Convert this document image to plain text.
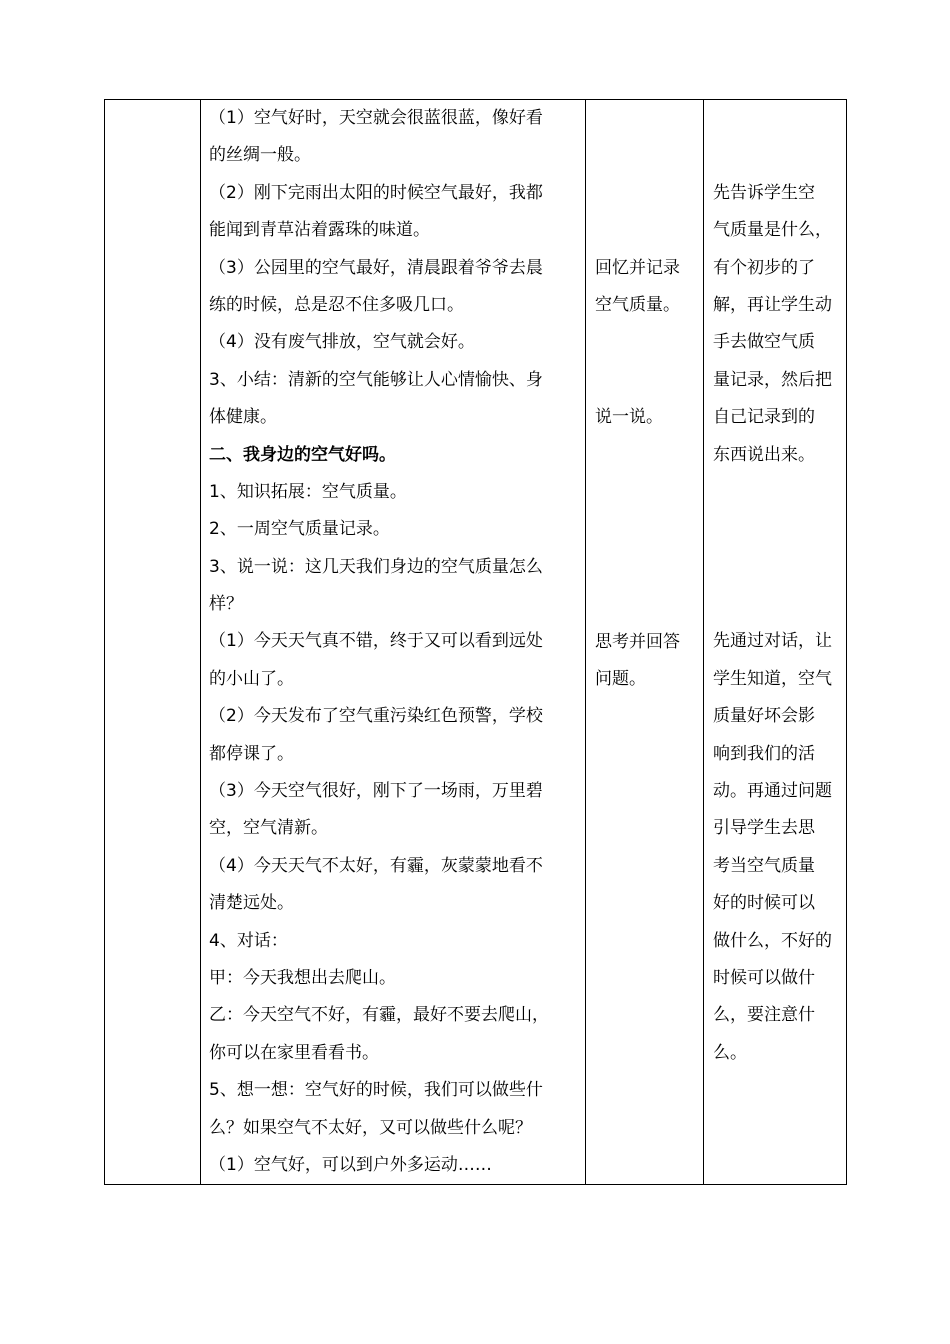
（1）空气好时，天空就会很蓝很蓝，像好看
的丝绸一般。
（2）刚下完雨出太阳的时候空气最好，我都
能闻到青草沾着露珠的味道。
（3）公园里的空气最好，清晨跟着爷爷去晨
练的时候，总是忍不住多吸几口。
（4）没有废气排放，空气就会好。
3、小结：清新的空气能够让人心情愉快、身
体健康。
二、我身边的空气好吗。
1、知识拓展：空气质量。
2、一周空气质量记录。
3、说一说：这几天我们身边的空气质量怎么
样？
（1）今天天气真不错，终于又可以看到远处
的小山了。
（2）今天发布了空气重污染红色预警，学校
都停课了。
（3）今天空气很好，刚下了一场雨，万里碧
空，空气清新。
（4）今天天气不太好，有霾，灰蒙蒙地看不
清楚远处。
4、对话：
甲：今天我想出去爬山。
乙：今天空气不好，有霾，最好不要去爬山，
你可以在家里看看书。
5、想一想：空气好的时候，我们可以做些什
么？如果空气不太好，又可以做些什么呢？
（1）空气好，可以到户外多运动……
回忆并记录
空气质量。
说一说。
思考并回答
问题。
先告诉学生空
气质量是什么，
有个初步的了
解，再让学生动
手去做空气质
量记录，然后把
自己记录到的
东西说出来。
先通过对话，让
学生知道，空气
质量好坏会影
响到我们的活
动。再通过问题
引导学生去思
考当空气质量
好的时候可以
做什么，不好的
时候可以做什
么，要注意什
么。
